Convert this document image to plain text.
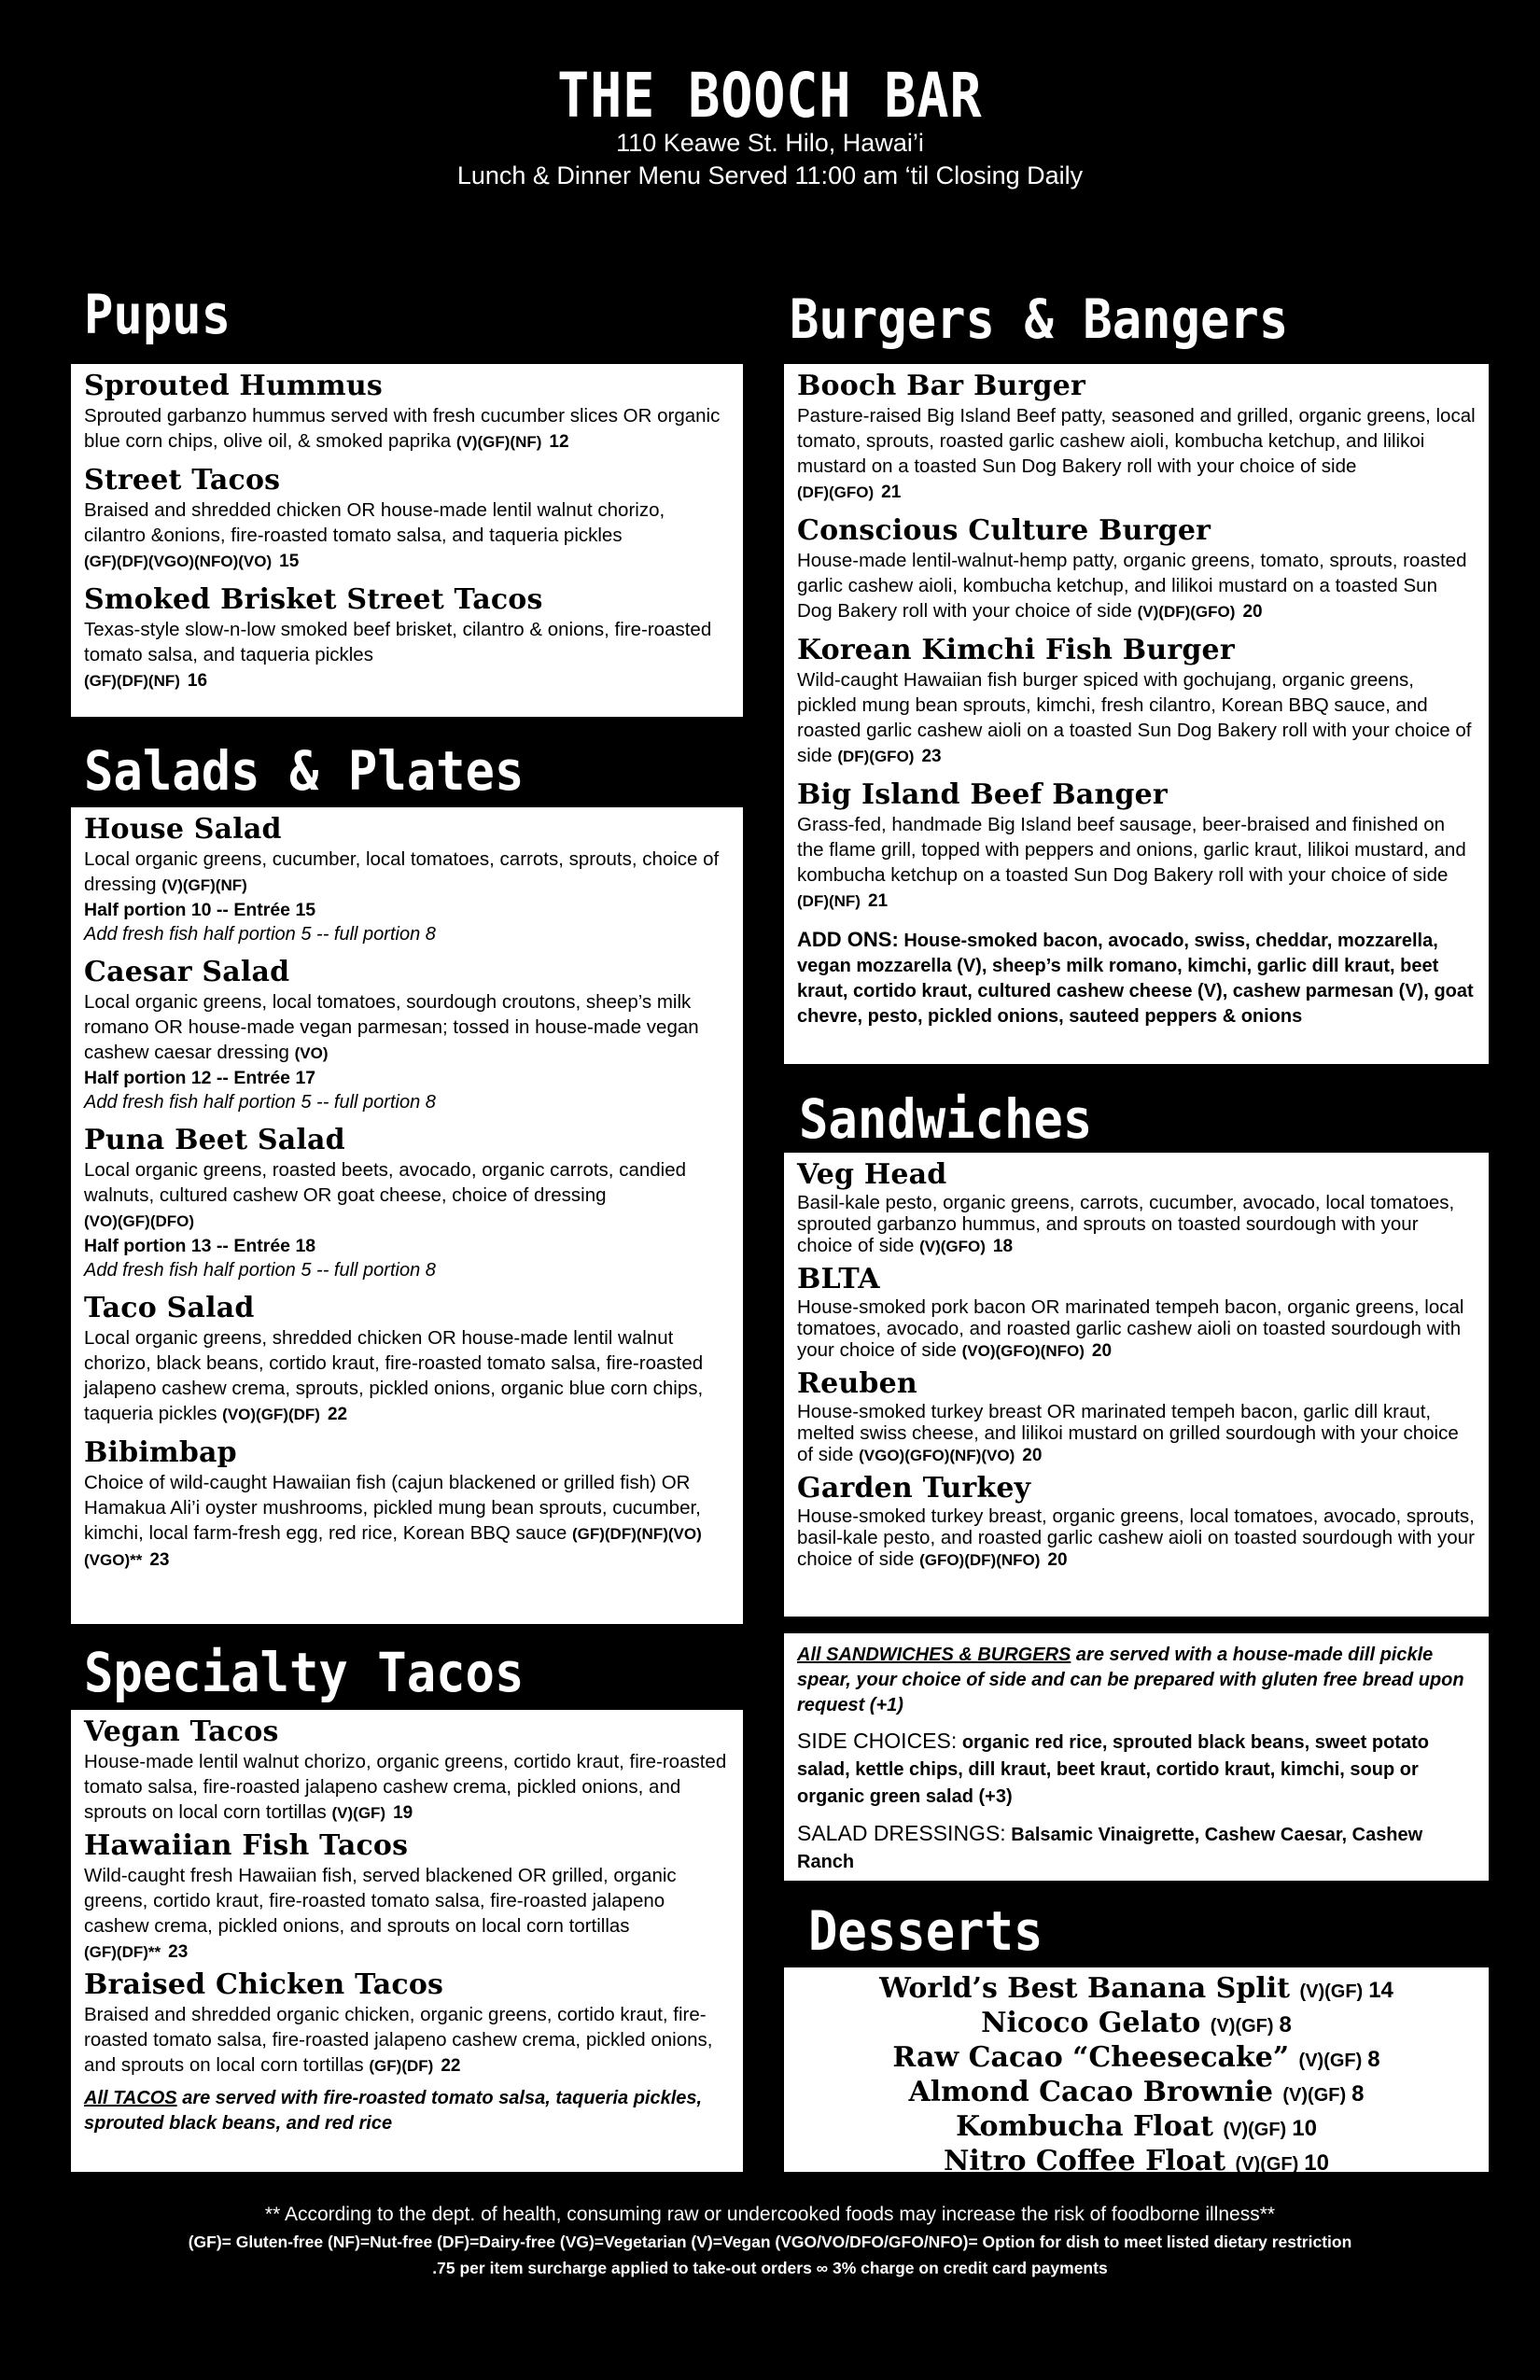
THE BOOCH BAR
110 Keawe St. Hilo, Hawai’i
Lunch & Dinner Menu Served 11:00 am ‘til Closing Daily
Pupus	Burgers & Bangers
Salads & Plates
Sandwiches
Specialty Tacos
Desserts
Sprouted Hummus
Sprouted garbanzo hummus served with fresh cucumber slices OR organic blue corn chips, olive oil, & smoked paprika (V)(GF)(NF) 12
Street Tacos
Braised and shredded chicken OR house-made lentil walnut chorizo, cilantro &onions, fire-roasted tomato salsa, and taqueria pickles
(GF)(DF)(VGO)(NFO)(VO) 15
Smoked Brisket Street Tacos
Texas-style slow-n-low smoked beef brisket, cilantro & onions, fire-roasted tomato salsa, and taqueria pickles
(GF)(DF)(NF) 16
House Salad
Local organic greens, cucumber, local tomatoes, carrots, sprouts, choice of dressing (V)(GF)(NF)
Half portion 10 -- Entrée 15
Add fresh fish half portion 5 -- full portion 8
Caesar Salad
Local organic greens, local tomatoes, sourdough croutons, sheep’s milk romano OR house-made vegan parmesan; tossed in house-made vegan cashew caesar dressing (VO)
Half portion 12 -- Entrée 17
Add fresh fish half portion 5 -- full portion 8
Puna Beet Salad
Local organic greens, roasted beets, avocado, organic carrots, candied walnuts, cultured cashew OR goat cheese, choice of dressing
(VO)(GF)(DFO)
Half portion 13 -- Entrée 18
Add fresh fish half portion 5 -- full portion 8
Taco Salad
Local organic greens, shredded chicken OR house-made lentil walnut chorizo, black beans, cortido kraut, fire-roasted tomato salsa, fire-roasted jalapeno cashew crema, sprouts, pickled onions, organic blue corn chips, taqueria pickles (VO)(GF)(DF) 22
Bibimbap
Choice of wild-caught Hawaiian fish (cajun blackened or grilled fish) OR Hamakua Ali’i oyster mushrooms, pickled mung bean sprouts, cucumber, kimchi, local farm-fresh egg, red rice, Korean BBQ sauce (GF)(DF)(NF)(VO)(VGO)** 23
Vegan Tacos
House-made lentil walnut chorizo, organic greens, cortido kraut, fire-roasted tomato salsa, fire-roasted jalapeno cashew crema, pickled onions, and sprouts on local corn tortillas (V)(GF) 19
Hawaiian Fish Tacos
Wild-caught fresh Hawaiian fish, served blackened OR grilled, organic greens, cortido kraut, fire-roasted tomato salsa, fire-roasted jalapeno cashew crema, pickled onions, and sprouts on local corn tortillas
(GF)(DF)** 23
Braised Chicken Tacos
Braised and shredded organic chicken, organic greens, cortido kraut, fire-roasted tomato salsa, fire-roasted jalapeno cashew crema, pickled onions, and sprouts on local corn tortillas (GF)(DF) 22
All TACOS are served with fire-roasted tomato salsa, taqueria pickles, sprouted black beans, and red rice
Booch Bar Burger
Pasture-raised Big Island Beef patty, seasoned and grilled, organic greens, local tomato, sprouts, roasted garlic cashew aioli, kombucha ketchup, and lilikoi mustard on a toasted Sun Dog Bakery roll with your choice of side
(DF)(GFO) 21
Conscious Culture Burger
House-made lentil-walnut-hemp patty, organic greens, tomato, sprouts, roasted garlic cashew aioli, kombucha ketchup, and lilikoi mustard on a toasted Sun Dog Bakery roll with your choice of side (V)(DF)(GFO) 20
Korean Kimchi Fish Burger
Wild-caught Hawaiian fish burger spiced with gochujang, organic greens, pickled mung bean sprouts, kimchi, fresh cilantro, Korean BBQ sauce, and roasted garlic cashew aioli on a toasted Sun Dog Bakery roll with your choice of side (DF)(GFO) 23
Big Island Beef Banger
Grass-fed, handmade Big Island beef sausage, beer-braised and finished on the flame grill, topped with peppers and onions, garlic kraut, lilikoi mustard, and kombucha ketchup on a toasted Sun Dog Bakery roll with your choice of side (DF)(NF) 21
ADD ONS: House-smoked bacon, avocado, swiss, cheddar, mozzarella, vegan mozzarella (V), sheep’s milk romano, kimchi, garlic dill kraut, beet kraut, cortido kraut, cultured cashew cheese (V), cashew parmesan (V), goat chevre, pesto, pickled onions, sauteed peppers & onions
Veg Head
Basil-kale pesto, organic greens, carrots, cucumber, avocado, local tomatoes, sprouted garbanzo hummus, and sprouts on toasted sourdough with your choice of side (V)(GFO) 18
BLTA
House-smoked pork bacon OR marinated tempeh bacon, organic greens, local tomatoes, avocado, and roasted garlic cashew aioli on toasted sourdough with your choice of side (VO)(GFO)(NFO) 20
Reuben
House-smoked turkey breast OR marinated tempeh bacon, garlic dill kraut, melted swiss cheese, and lilikoi mustard on grilled sourdough with your choice of side (VGO)(GFO)(NF)(VO) 20
Garden Turkey
House-smoked turkey breast, organic greens, local tomatoes, avocado, sprouts, basil-kale pesto, and roasted garlic cashew aioli on toasted sourdough with your choice of side (GFO)(DF)(NFO) 20
All SANDWICHES & BURGERS are served with a house-made dill pickle spear, your choice of side and can be prepared with gluten free bread upon request (+1)
SIDE CHOICES: organic red rice, sprouted black beans, sweet potato salad, kettle chips, dill kraut, beet kraut, cortido kraut, kimchi, soup or organic green salad (+3)
SALAD DRESSINGS: Balsamic Vinaigrette, Cashew Caesar, Cashew Ranch
World’s Best Banana Split (V)(GF) 14
Nicoco Gelato (V)(GF) 8
Raw Cacao “Cheesecake” (V)(GF) 8
Almond Cacao Brownie (V)(GF) 8
Kombucha Float (V)(GF) 10
Nitro Coffee Float (V)(GF) 10
** According to the dept. of health, consuming raw or undercooked foods may increase the risk of foodborne illness**
(GF)= Gluten-free (NF)=Nut-free (DF)=Dairy-free (VG)=Vegetarian (V)=Vegan (VGO/VO/DFO/GFO/NFO)= Option for dish to meet listed dietary restriction
.75 per item surcharge applied to take-out orders ∞ 3% charge on credit card payments
